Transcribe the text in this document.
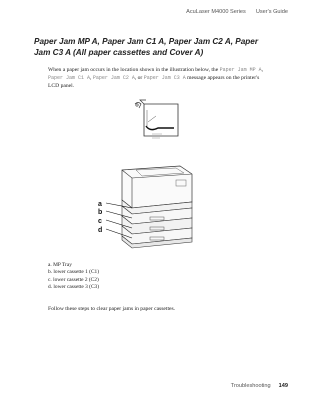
AcuLaser M4000 Series User's Guide
Paper Jam MP A, Paper Jam C1 A, Paper Jam C2 A, Paper Jam C3 A (All paper cassettes and Cover A)

When a paper jam occurs in the location shown in the illustration below, the Paper Jam MP A, Paper Jam C1 A, Paper Jam C2 A, or Paper Jam C3 A message appears on the printer's LCD panel.

a
b
c
d
a. MP Tray
b. lower cassette 1 (C1)
c. lower cassette 2 (C2)
d. lower cassette 3 (C3)

Follow these steps to clear paper jams in paper cassettes.

Troubleshooting 149
